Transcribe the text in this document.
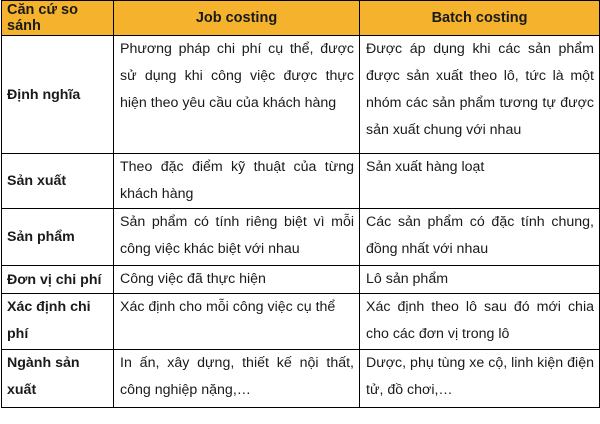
Căn cứ so sánh	Job costing	Batch costing
Định nghĩa	Phương pháp chi phí cụ thể, được sử dụng khi công việc được thực hiện theo yêu cầu của khách hàng	Được áp dụng khi các sản phẩm được sản xuất theo lô, tức là một nhóm các sản phẩm tương tự được sản xuất chung với nhau
Sản xuất	Theo đặc điểm kỹ thuật của từng khách hàng	Sản xuất hàng loạt
Sản phẩm	Sản phẩm có tính riêng biệt vì mỗi công việc khác biệt với nhau	Các sản phẩm có đặc tính chung, đồng nhất với nhau
Đơn vị chi phí	Công việc đã thực hiện	Lô sản phẩm
Xác định chi phí	Xác định cho mỗi công việc cụ thể	Xác định theo lô sau đó mới chia cho các đơn vị trong lô
Ngành sản xuất	In ấn, xây dựng, thiết kế nội thất, công nghiệp nặng,…	Dược, phụ tùng xe cộ, linh kiện điện tử, đồ chơi,…
